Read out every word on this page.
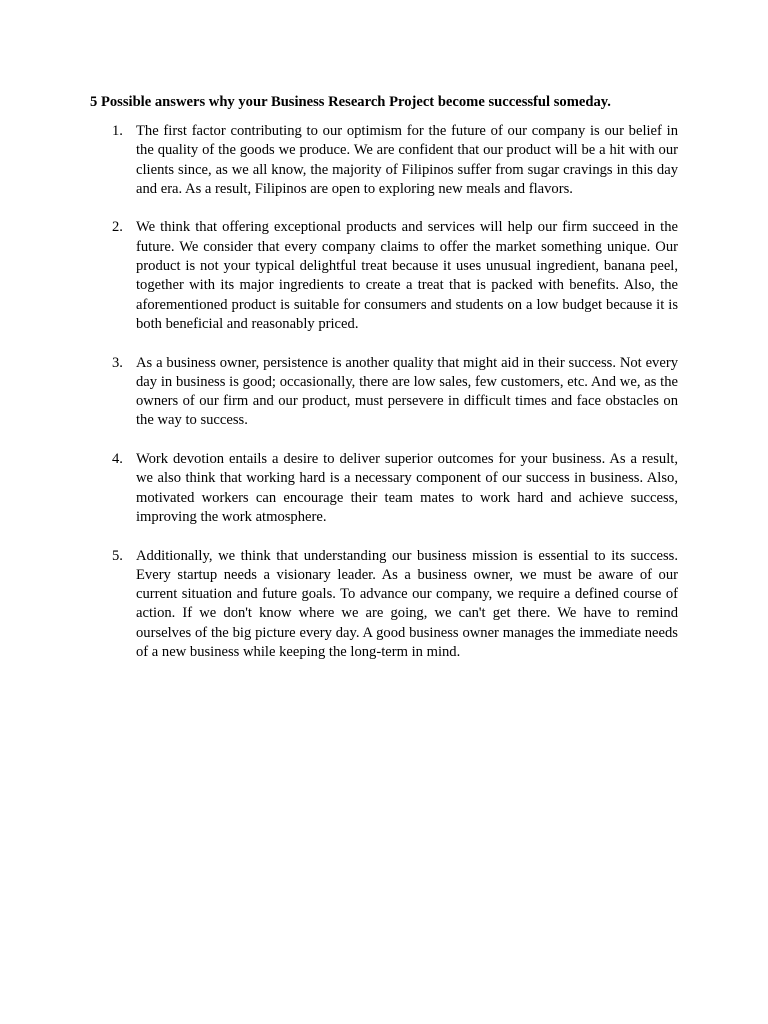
5 Possible answers why your Business Research Project become successful someday.

1. The first factor contributing to our optimism for the future of our company is our belief in the quality of the goods we produce. We are confident that our product will be a hit with our clients since, as we all know, the majority of Filipinos suffer from sugar cravings in this day and era. As a result, Filipinos are open to exploring new meals and flavors.
2. We think that offering exceptional products and services will help our firm succeed in the future. We consider that every company claims to offer the market something unique. Our product is not your typical delightful treat because it uses unusual ingredient, banana peel, together with its major ingredients to create a treat that is packed with benefits. Also, the aforementioned product is suitable for consumers and students on a low budget because it is both beneficial and reasonably priced.
3. As a business owner, persistence is another quality that might aid in their success. Not every day in business is good; occasionally, there are low sales, few customers, etc. And we, as the owners of our firm and our product, must persevere in difficult times and face obstacles on the way to success.
4. Work devotion entails a desire to deliver superior outcomes for your business. As a result, we also think that working hard is a necessary component of our success in business. Also, motivated workers can encourage their team mates to work hard and achieve success, improving the work atmosphere.
5. Additionally, we think that understanding our business mission is essential to its success. Every startup needs a visionary leader. As a business owner, we must be aware of our current situation and future goals. To advance our company, we require a defined course of action. If we don't know where we are going, we can't get there. We have to remind ourselves of the big picture every day. A good business owner manages the immediate needs of a new business while keeping the long-term in mind.
